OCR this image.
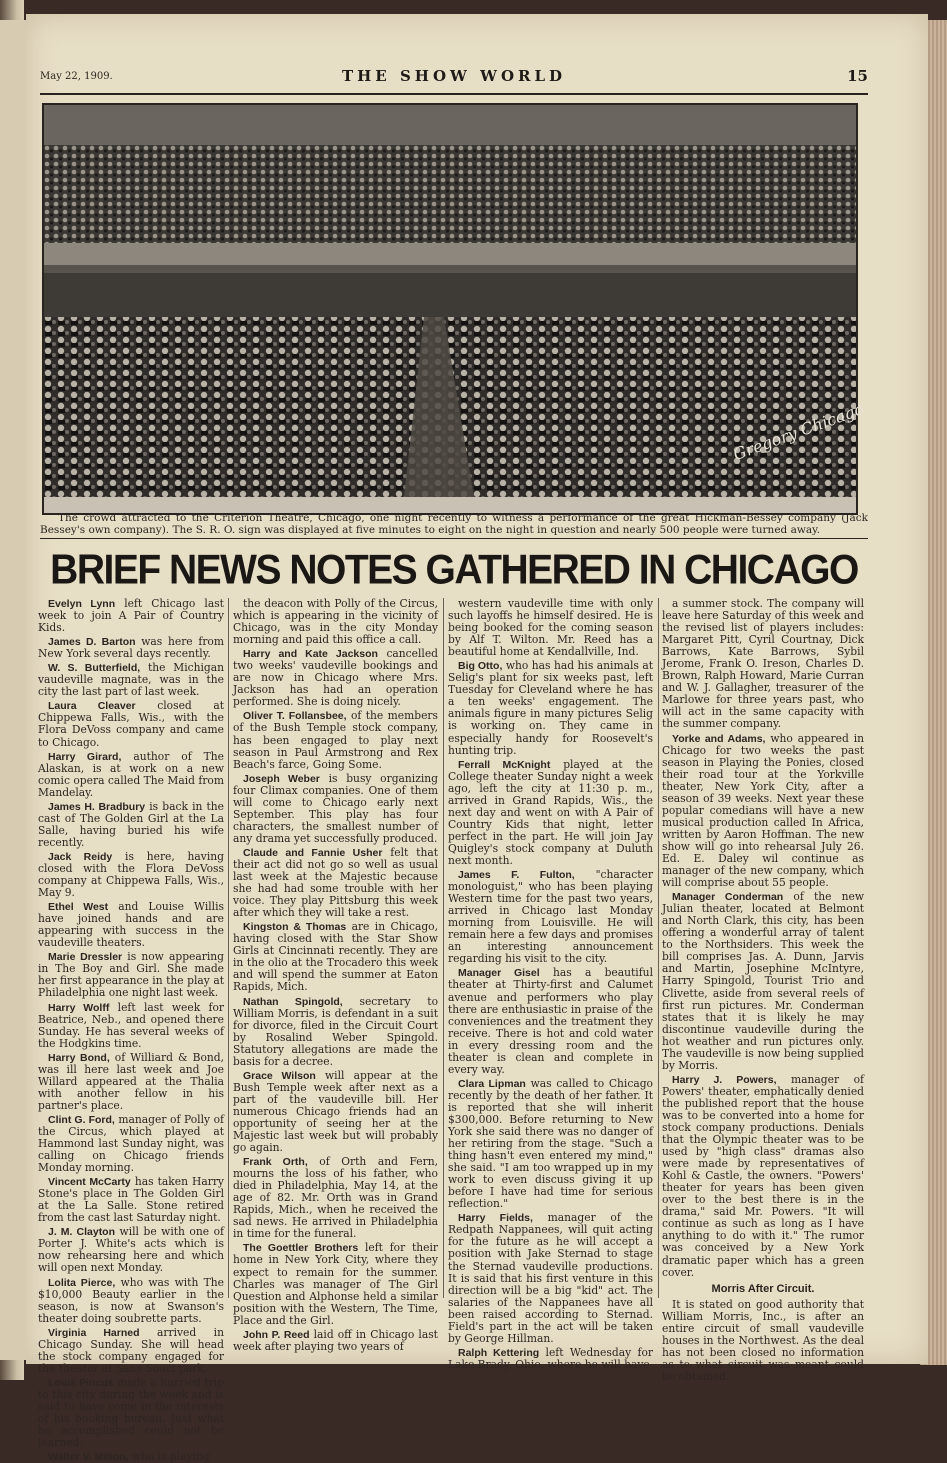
May 22, 1909.	THE SHOW WORLD	15
Gregory Chicago
The crowd attracted to the Criterion Theatre, Chicago, one night recently to witness a performance of the great Hickman-Bessey company (Jack Bessey's own company). The S. R. O. sign was displayed at five minutes to eight on the night in question and nearly 500 people were turned away.
BRIEF NEWS NOTES GATHERED IN CHICAGO

Evelyn Lynn left Chicago last week to join A Pair of Country Kids.

James D. Barton was here from New York several days recently.

W. S. Butterfield, the Michigan vaudeville magnate, was in the city the last part of last week.

Laura Cleaver closed at Chippewa Falls, Wis., with the Flora DeVoss company and came to Chicago.

Harry Girard, author of The Alaskan, is at work on a new comic opera called The Maid from Mandelay.

James H. Bradbury is back in the cast of The Golden Girl at the La Salle, having buried his wife recently.

Jack Reidy is here, having closed with the Flora DeVoss company at Chippewa Falls, Wis., May 9.

Ethel West and Louise Willis have joined hands and are appearing with success in the vaudeville theaters.

Marie Dressler is now appearing in The Boy and Girl. She made her first appearance in the play at Philadelphia one night last week.

Harry Wolff left last week for Beatrice, Neb., and opened there Sunday. He has several weeks of the Hodgkins time.

Harry Bond, of Williard & Bond, was ill here last week and Joe Willard appeared at the Thalia with another fellow in his partner's place.

Clint G. Ford, manager of Polly of the Circus, which played at Hammond last Sunday night, was calling on Chicago friends Monday morning.

Vincent McCarty has taken Harry Stone's place in The Golden Girl at the La Salle. Stone retired from the cast last Saturday night.

J. M. Clayton will be with one of Porter J. White's acts which is now rehearsing here and which will open next Monday.

Lolita Pierce, who was with The $10,000 Beauty earlier in the season, is now at Swanson's theater doing soubrette parts.

Virginia Harned arrived in Chicago Sunday. She will head the stock company engaged for the theater at Sans Souci park.

Louis Pincus made a hurried trip to this city during the week and is said to have come in the interests of his booking bureau. Just what he accomplished could not be learned.

Walter V. Milton, who is playing

the deacon with Polly of the Circus, which is appearing in the vicinity of Chicago, was in the city Monday morning and paid this office a call.

Harry and Kate Jackson cancelled two weeks' vaudeville bookings and are now in Chicago where Mrs. Jackson has had an operation performed. She is doing nicely.

Oliver T. Follansbee, of the members of the Bush Temple stock company, has been engaged to play next season in Paul Armstrong and Rex Beach's farce, Going Some.

Joseph Weber is busy organizing four Climax companies. One of them will come to Chicago early next September. This play has four characters, the smallest number of any drama yet successfully produced.

Claude and Fannie Usher felt that their act did not go so well as usual last week at the Majestic because she had had some trouble with her voice. They play Pittsburg this week after which they will take a rest.

Kingston & Thomas are in Chicago, having closed with the Star Show Girls at Cincinnati recently. They are in the olio at the Trocadero this week and will spend the summer at Eaton Rapids, Mich.

Nathan Spingold, secretary to William Morris, is defendant in a suit for divorce, filed in the Circuit Court by Rosalind Weber Spingold. Statutory allegations are made the basis for a decree.

Grace Wilson will appear at the Bush Temple week after next as a part of the vaudeville bill. Her numerous Chicago friends had an opportunity of seeing her at the Majestic last week but will probably go again.

Frank Orth, of Orth and Fern, mourns the loss of his father, who died in Philadelphia, May 14, at the age of 82. Mr. Orth was in Grand Rapids, Mich., when he received the sad news. He arrived in Philadelphia in time for the funeral.

The Goettler Brothers left for their home in New York City, where they expect to remain for the summer. Charles was manager of The Girl Question and Alphonse held a similar position with the Western, The Time, Place and the Girl.

John P. Reed laid off in Chicago last week after playing two years of

western vaudeville time with only such layoffs he himself desired. He is being booked for the coming season by Alf T. Wilton. Mr. Reed has a beautiful home at Kendallville, Ind.

Big Otto, who has had his animals at Selig's plant for six weeks past, left Tuesday for Cleveland where he has a ten weeks' engagement. The animals figure in many pictures Selig is working on. They came in especially handy for Roosevelt's hunting trip.

Ferrall McKnight played at the College theater Sunday night a week ago, left the city at 11:30 p. m., arrived in Grand Rapids, Wis., the next day and went on with A Pair of Country Kids that night, letter perfect in the part. He will join Jay Quigley's stock company at Duluth next month.

James F. Fulton, "character monologuist," who has been playing Western time for the past two years, arrived in Chicago last Monday morning from Louisville. He will remain here a few days and promises an interesting announcement regarding his visit to the city.

Manager Gisel has a beautiful theater at Thirty-first and Calumet avenue and performers who play there are enthusiastic in praise of the conveniences and the treatment they receive. There is hot and cold water in every dressing room and the theater is clean and complete in every way.

Clara Lipman was called to Chicago recently by the death of her father. It is reported that she will inherit $300,000. Before returning to New York she said there was no danger of her retiring from the stage. "Such a thing hasn't even entered my mind," she said. "I am too wrapped up in my work to even discuss giving it up before I have had time for serious reflection."

Harry Fields, manager of the Redpath Nappanees, will quit acting for the future as he will accept a position with Jake Sternad to stage the Sternad vaudeville productions. It is said that his first venture in this direction will be a big "kid" act. The salaries of the Nappanees have all been raised according to Sternad. Field's part in the act will be taken by George Hillman.

Ralph Kettering left Wednesday for Lake Brady, Ohio, where he will have

a summer stock. The company will leave here Saturday of this week and the revised list of players includes: Margaret Pitt, Cyril Courtnay, Dick Barrows, Kate Barrows, Sybil Jerome, Frank O. Ireson, Charles D. Brown, Ralph Howard, Marie Curran and W. J. Gallagher, treasurer of the Marlowe for three years past, who will act in the same capacity with the summer company.

Yorke and Adams, who appeared in Chicago for two weeks the past season in Playing the Ponies, closed their road tour at the Yorkville theater, New York City, after a season of 39 weeks. Next year these popular comedians will have a new musical production called In Africa, written by Aaron Hoffman. The new show will go into rehearsal July 26. Ed. E. Daley wil continue as manager of the new company, which will comprise about 55 people.

Manager Conderman of the new Julian theater, located at Belmont and North Clark, this city, has been offering a wonderful array of talent to the Northsiders. This week the bill comprises Jas. A. Dunn, Jarvis and Martin, Josephine McIntyre, Harry Spingold, Tourist Trio and Clivette, aside from several reels of first run pictures. Mr. Conderman states that it is likely he may discontinue vaudeville during the hot weather and run pictures only. The vaudeville is now being supplied by Morris.

Harry J. Powers, manager of Powers' theater, emphatically denied the published report that the house was to be converted into a home for stock company productions. Denials that the Olympic theater was to be used by "high class" dramas also were made by representatives of Kohl & Castle, the owners. "Powers' theater for years has been given over to the best there is in the drama," said Mr. Powers. "It will continue as such as long as I have anything to do with it." The rumor was conceived by a New York dramatic paper which has a green cover.

Morris After Circuit.

It is stated on good authority that William Morris, Inc., is after an entire circuit of small vaudeville houses in the Northwest. As the deal has not been closed no information as to what circuit was meant could be obtained.
